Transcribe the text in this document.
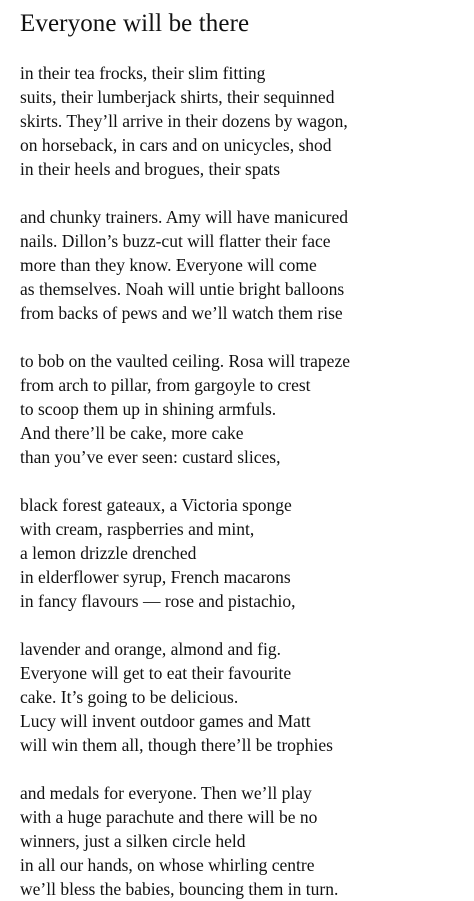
Everyone will be there

in their tea frocks, their slim fitting
suits, their lumberjack shirts, their sequinned
skirts. They’ll arrive in their dozens by wagon,
on horseback, in cars and on unicycles, shod
in their heels and brogues, their spats

and chunky trainers. Amy will have manicured
nails. Dillon’s buzz-cut will flatter their face
more than they know. Everyone will come
as themselves. Noah will untie bright balloons
from backs of pews and we’ll watch them rise

to bob on the vaulted ceiling. Rosa will trapeze
from arch to pillar, from gargoyle to crest
to scoop them up in shining armfuls.
And there’ll be cake, more cake
than you’ve ever seen: custard slices,

black forest gateaux, a Victoria sponge
with cream, raspberries and mint,
a lemon drizzle drenched
in elderflower syrup, French macarons
in fancy flavours — rose and pistachio,

lavender and orange, almond and fig.
Everyone will get to eat their favourite
cake. It’s going to be delicious.
Lucy will invent outdoor games and Matt
will win them all, though there’ll be trophies

and medals for everyone. Then we’ll play
with a huge parachute and there will be no
winners, just a silken circle held
in all our hands, on whose whirling centre
we’ll bless the babies, bouncing them in turn.
